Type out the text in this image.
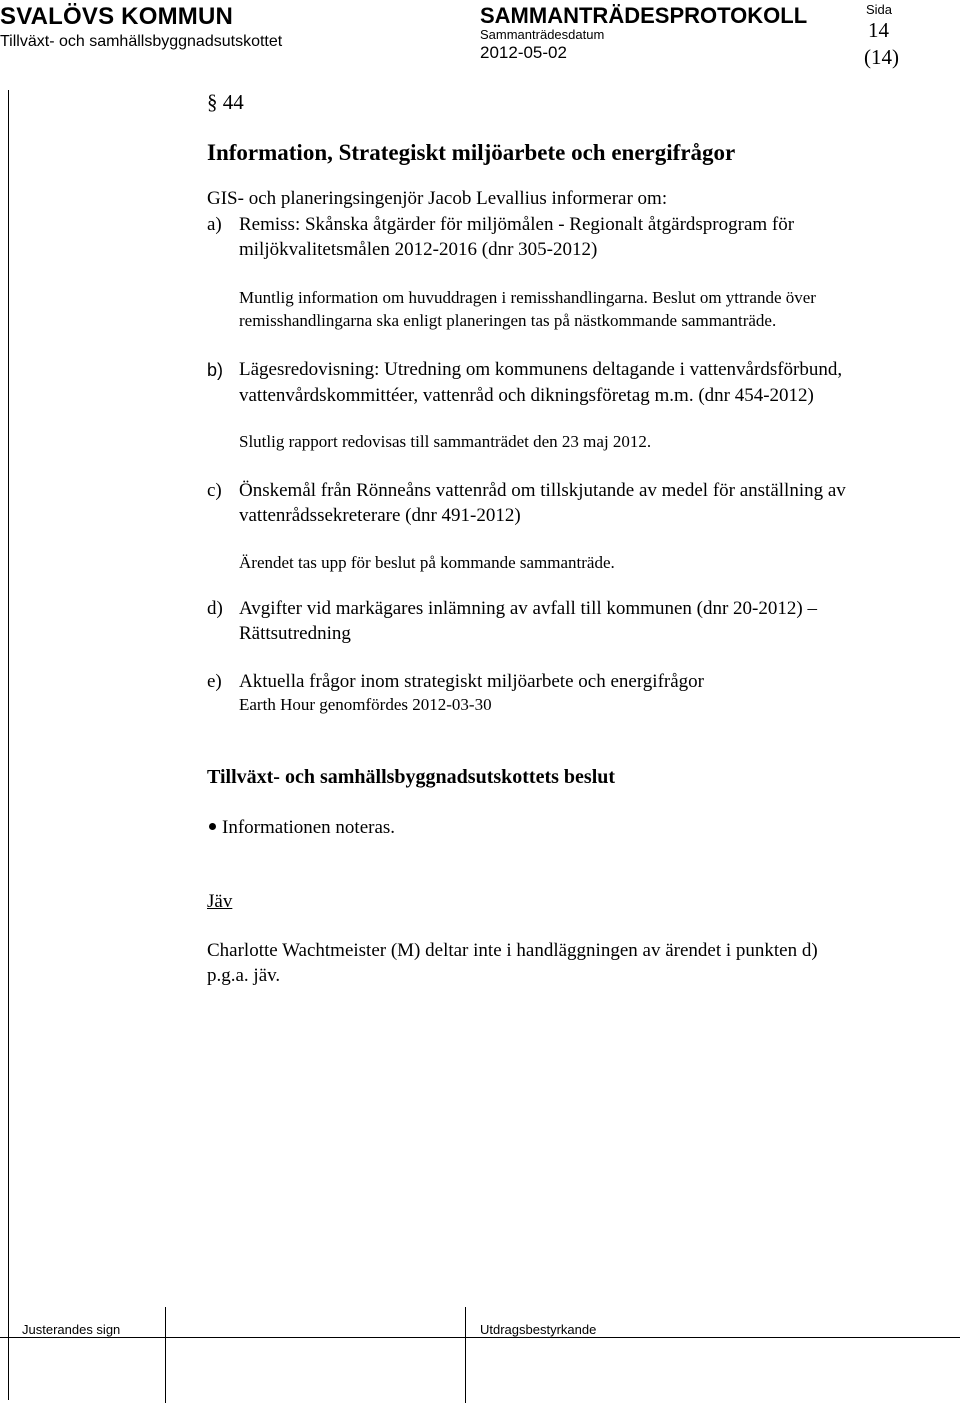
SVALÖVS KOMMUN
Tillväxt- och samhällsbyggnadsutskottet
SAMMANTRÄDESPROTOKOLL
Sammanträdesdatum
2012-05-02
Sida
14
(14)
§ 44
Information, Strategiskt miljöarbete och energifrågor
GIS- och planeringsingenjör Jacob Levallius informerar om:
a) Remiss: Skånska åtgärder för miljömålen - Regionalt åtgärdsprogram för
miljökvalitetsmålen 2012-2016 (dnr 305-2012)
Muntlig information om huvuddragen i remisshandlingarna. Beslut om yttrande över
remisshandlingarna ska enligt planeringen tas på nästkommande sammanträde.
b) Lägesredovisning: Utredning om kommunens deltagande i vattenvårdsförbund,
vattenvårdskommittéer, vattenråd och dikningsföretag m.m. (dnr 454-2012)
Slutlig rapport redovisas till sammanträdet den 23 maj 2012.
c) Önskemål från Rönneåns vattenråd om tillskjutande av medel för anställning av
vattenrådssekreterare (dnr 491-2012)
Ärendet tas upp för beslut på kommande sammanträde.
d) Avgifter vid markägares inlämning av avfall till kommunen (dnr 20-2012) –
Rättsutredning
e) Aktuella frågor inom strategiskt miljöarbete och energifrågor
Earth Hour genomfördes 2012-03-30
Tillväxt- och samhällsbyggnadsutskottets beslut
Informationen noteras.
Jäv
Charlotte Wachtmeister (M) deltar inte i handläggningen av ärendet i punkten d)
p.g.a. jäv.
Justerandes sign	Utdragsbestyrkande
